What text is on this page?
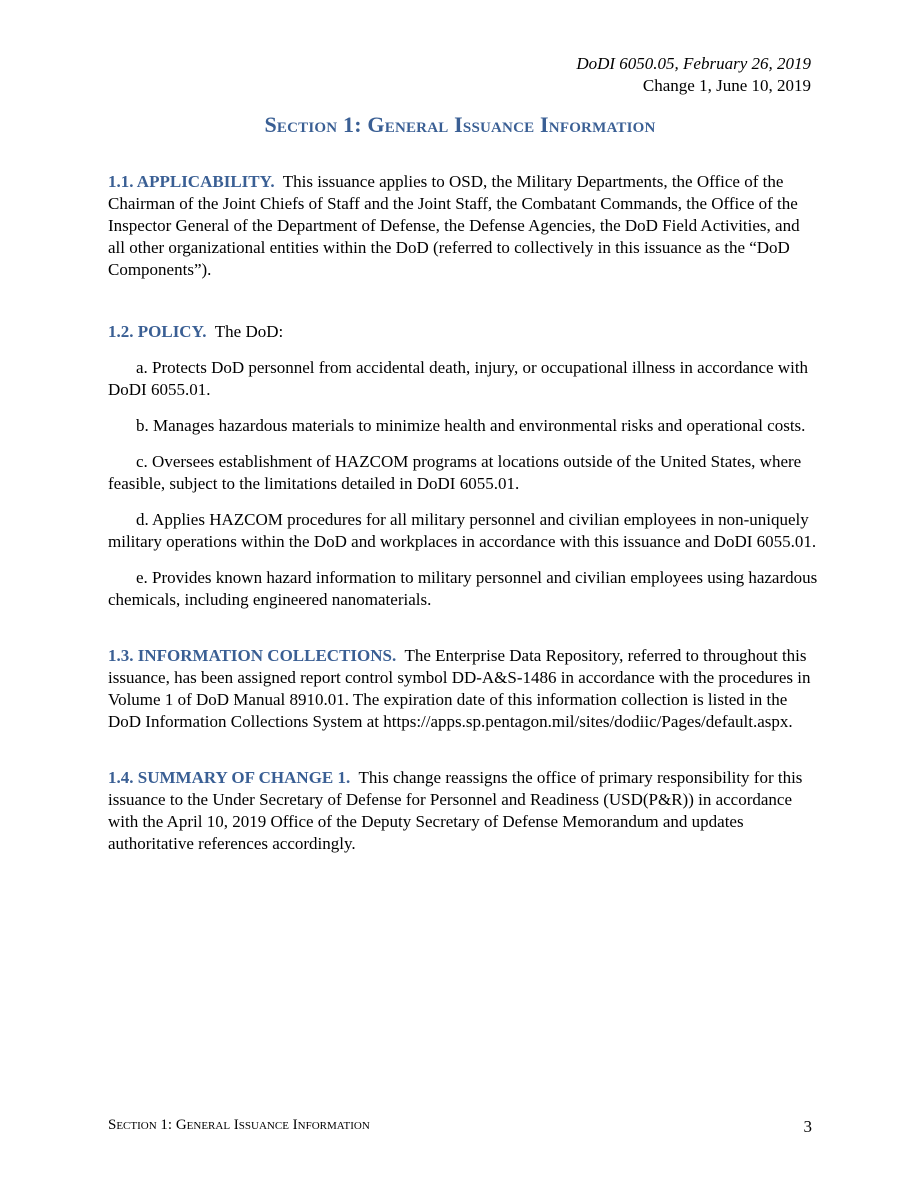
DoDI 6050.05, February 26, 2019
Change 1, June 10, 2019
Section 1: General Issuance Information

1.1. APPLICABILITY. This issuance applies to OSD, the Military Departments, the Office of the Chairman of the Joint Chiefs of Staff and the Joint Staff, the Combatant Commands, the Office of the Inspector General of the Department of Defense, the Defense Agencies, the DoD Field Activities, and all other organizational entities within the DoD (referred to collectively in this issuance as the “DoD Components”).

1.2. POLICY. The DoD:

a. Protects DoD personnel from accidental death, injury, or occupational illness in accordance with DoDI 6055.01.

b. Manages hazardous materials to minimize health and environmental risks and operational costs.

c. Oversees establishment of HAZCOM programs at locations outside of the United States, where feasible, subject to the limitations detailed in DoDI 6055.01.

d. Applies HAZCOM procedures for all military personnel and civilian employees in non-uniquely military operations within the DoD and workplaces in accordance with this issuance and DoDI 6055.01.

e. Provides known hazard information to military personnel and civilian employees using hazardous chemicals, including engineered nanomaterials.

1.3. INFORMATION COLLECTIONS. The Enterprise Data Repository, referred to throughout this issuance, has been assigned report control symbol DD-A&S-1486 in accordance with the procedures in Volume 1 of DoD Manual 8910.01. The expiration date of this information collection is listed in the DoD Information Collections System at https://apps.sp.pentagon.mil/sites/dodiic/Pages/default.aspx.

1.4. SUMMARY OF CHANGE 1. This change reassigns the office of primary responsibility for this issuance to the Under Secretary of Defense for Personnel and Readiness (USD(P&R)) in accordance with the April 10, 2019 Office of the Deputy Secretary of Defense Memorandum and updates authoritative references accordingly.

Section 1: General Issuance Information	3
